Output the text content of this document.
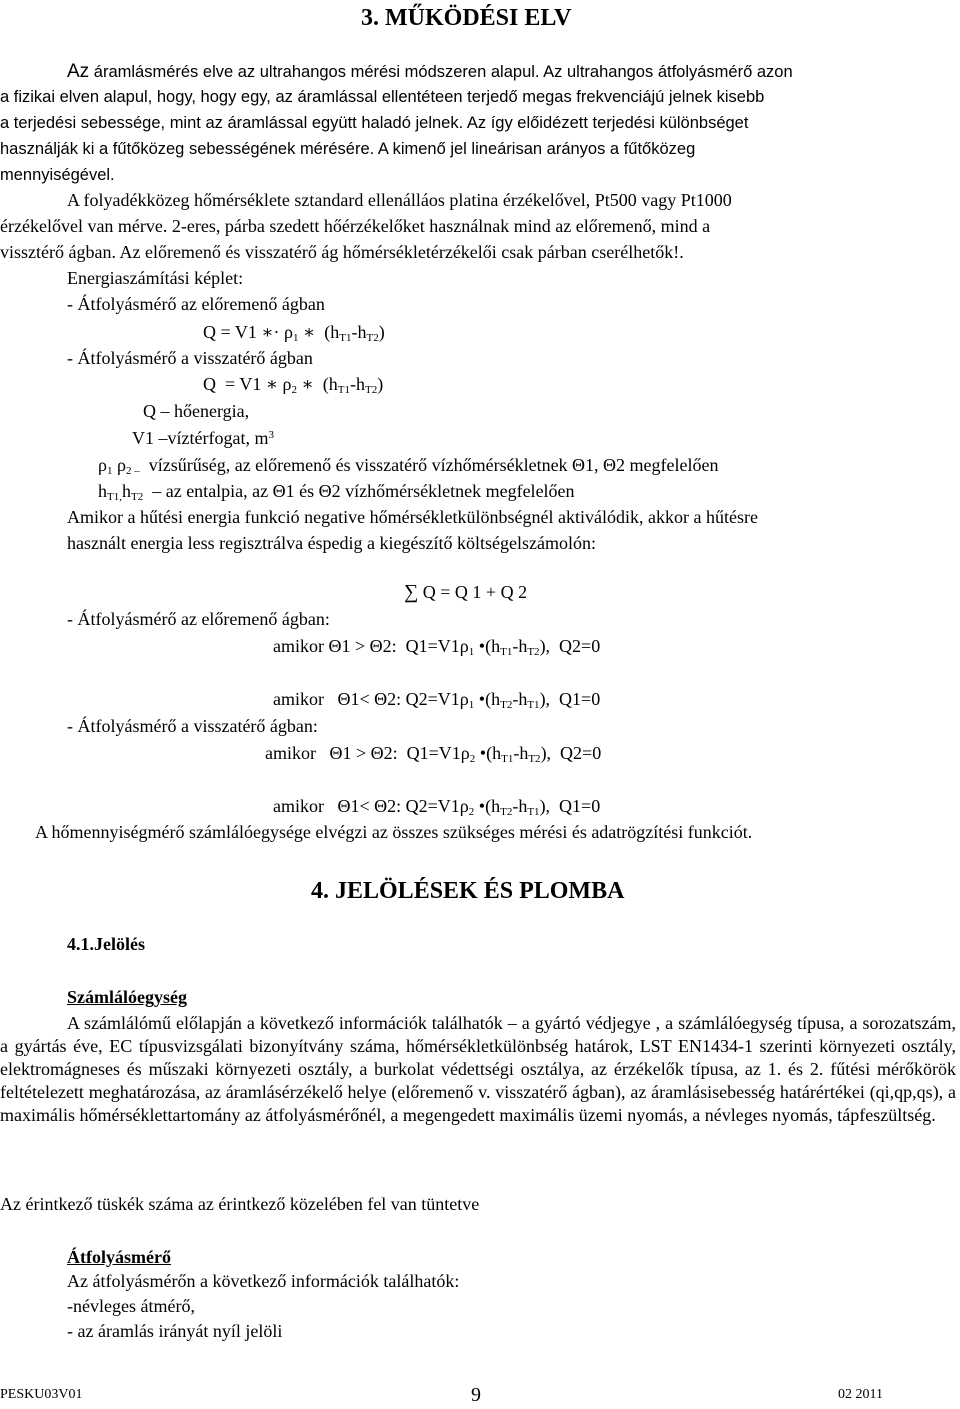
3. MŰKÖDÉSI ELV
Az áramlásmérés elve az ultrahangos mérési módszeren alapul. Az ultrahangos átfolyásmérő azon
a fizikai elven alapul, hogy, hogy egy, az áramlással ellentéteen terjedő megas frekvenciájú jelnek kisebb
a terjedési sebessége, mint az áramlással együtt haladó jelnek. Az így előidézett terjedési különbséget
használják ki a fűtőközeg sebességének mérésére. A kimenő jel lineárisan arányos a fűtőközeg
mennyiségével.
A folyadékközeg hőmérséklete sztandard ellenálláos platina érzékelővel, Pt500 vagy Pt1000
érzékelővel van mérve. 2-eres, párba szedett hőérzékelőket használnak mind az előremenő, mind a
vissztérő ágban. Az előremenő és visszatérő ág hőmérsékletérzékelői csak párban cserélhetők!.
Energiaszámítási képlet:
- Átfolyásmérő az előremenő ágban
Q = V1 ∗· $\rho_1$ ∗  $(h_{T1}-h_{T2})$
- Átfolyásmérő a visszatérő ágban
Q  = V1 ∗ $\rho_2$ ∗  $(h_{T1}-h_{T2})$
Q – hőenergia,
V1 –víztérfogat, $m^3$
$\rho_1$ $\rho_{2 -}$ vízsűrűség, az előremenő és visszatérő vízhőmérsékletnek Θ1, Θ2 megfelelően
$h_{T1,}h_{T2}$  – az entalpia, az Θ1 és Θ2 vízhőmérsékletnek megfelelően
Amikor a hűtési energia funkció negative hőmérsékletkülönbségnél aktiválódik, akkor a hűtésre
használt energia less regisztrálva éspedig a kiegészítő költségelszámolón:
∑ Q = Q 1 + Q 2
- Átfolyásmérő az előremenő ágban:
amikor Θ1 > Θ2:  $Q1=V1\rho_1$ $•(h_{T1}-h_{T2})$,  Q2=0
amikor   Θ1< Θ2: $Q2=V1\rho_1$ $•(h_{T2}-h_{T1})$,  Q1=0
- Átfolyásmérő a visszatérő ágban:
amikor   Θ1 > Θ2:  $Q1=V1\rho_2$ $•(h_{T1}-h_{T2})$,  Q2=0
amikor   Θ1< Θ2: $Q2=V1\rho_2$ $•(h_{T2}-h_{T1})$,  Q1=0
A hőmennyiségmérő számlálóegysége elvégzi az összes szükséges mérési és adatrögzítési funkciót.
4. JELÖLÉSEK ÉS PLOMBA
4.1.Jelölés
Számlálóegység
A számlálómű előlapján a következő információk találhatók – a gyártó védjegye , a számlálóegység típusa, a sorozatszám, a gyártás éve, EC típusvizsgálati bizonyítvány száma, hőmérsékletkülönbség határok, LST EN1434-1 szerinti környezeti osztály, elektromágneses és műszaki környezeti osztály, a burkolat védettségi osztálya, az érzékelők típusa, az 1. és 2. fűtési mérőkörök feltételezett meghatározása, az áramlásérzékelő helye (előremenő v. visszatérő ágban), az áramlásisebesség határértékei (qi,qp,qs), a maximális hőmérséklettartomány az átfolyásmérőnél, a megengedett maximális üzemi nyomás, a névleges nyomás, tápfeszültség.
Az érintkező tüskék száma az érintkező közelében fel van tüntetve
Átfolyásmérő
Az átfolyásmérőn a következő információk találhatók:
-névleges átmérő,
- az áramlás irányát nyíl jelöli
PESKU03V01	9	02 2011
